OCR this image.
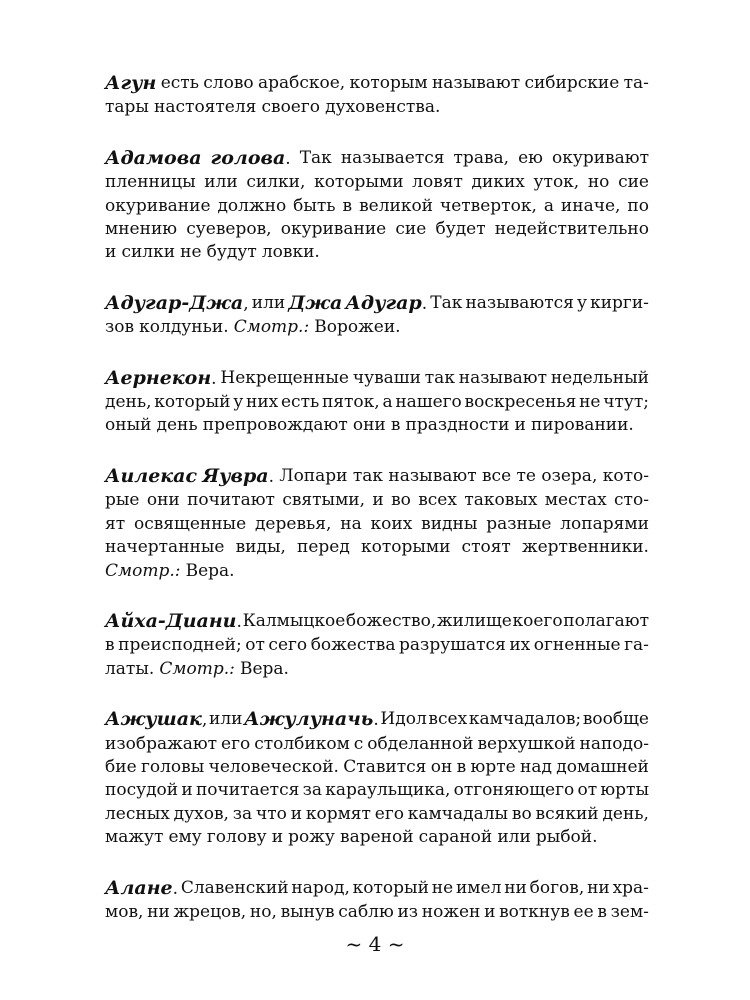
Агун есть слово арабское, которым называют сибирские та-
тары настоятеля своего духовенства.
Адамова голова. Так называется трава, ею окуривают
пленницы или силки, которыми ловят диких уток, но сие
окуривание должно быть в великой четверток, а иначе, по
мнению суеверов, окуривание сие будет недействительно
и силки не будут ловки.
Адугар-Джа, или Джа Адугар. Так называются у кирги-
зов колдуньи. Смотр.: Ворожеи.
Аернекон. Некрещенные чуваши так называют недельный
день, который у них есть пяток, а нашего воскресенья не чтут;
оный день препровождают они в праздности и пировании.
Аилекас Яувра. Лопари так называют все те озера, кото-
рые они почитают святыми, и во всех таковых местах сто-
ят освященные деревья, на коих видны разные лопарями
начертанные виды, перед которыми стоят жертвенники.
Смотр.: Вера.
Айха-Диани. Калмыцкое божество, жилище коего полагают
в преисподней; от сего божества разрушатся их огненные га-
латы. Смотр.: Вера.
Ажушак, или Ажулуначь. Идол всех камчадалов; вообще
изображают его столбиком с обделанной верхушкой наподо-
бие головы человеческой. Ставится он в юрте над домашней
посудой и почитается за караульщика, отгоняющего от юрты
лесных духов, за что и кормят его камчадалы во всякий день,
мажут ему голову и рожу вареной сараной или рыбой.
Алане. Славенский народ, который не имел ни богов, ни хра-
мов, ни жрецов, но, вынув саблю из ножен и воткнув ее в зем-
~ 4 ~
